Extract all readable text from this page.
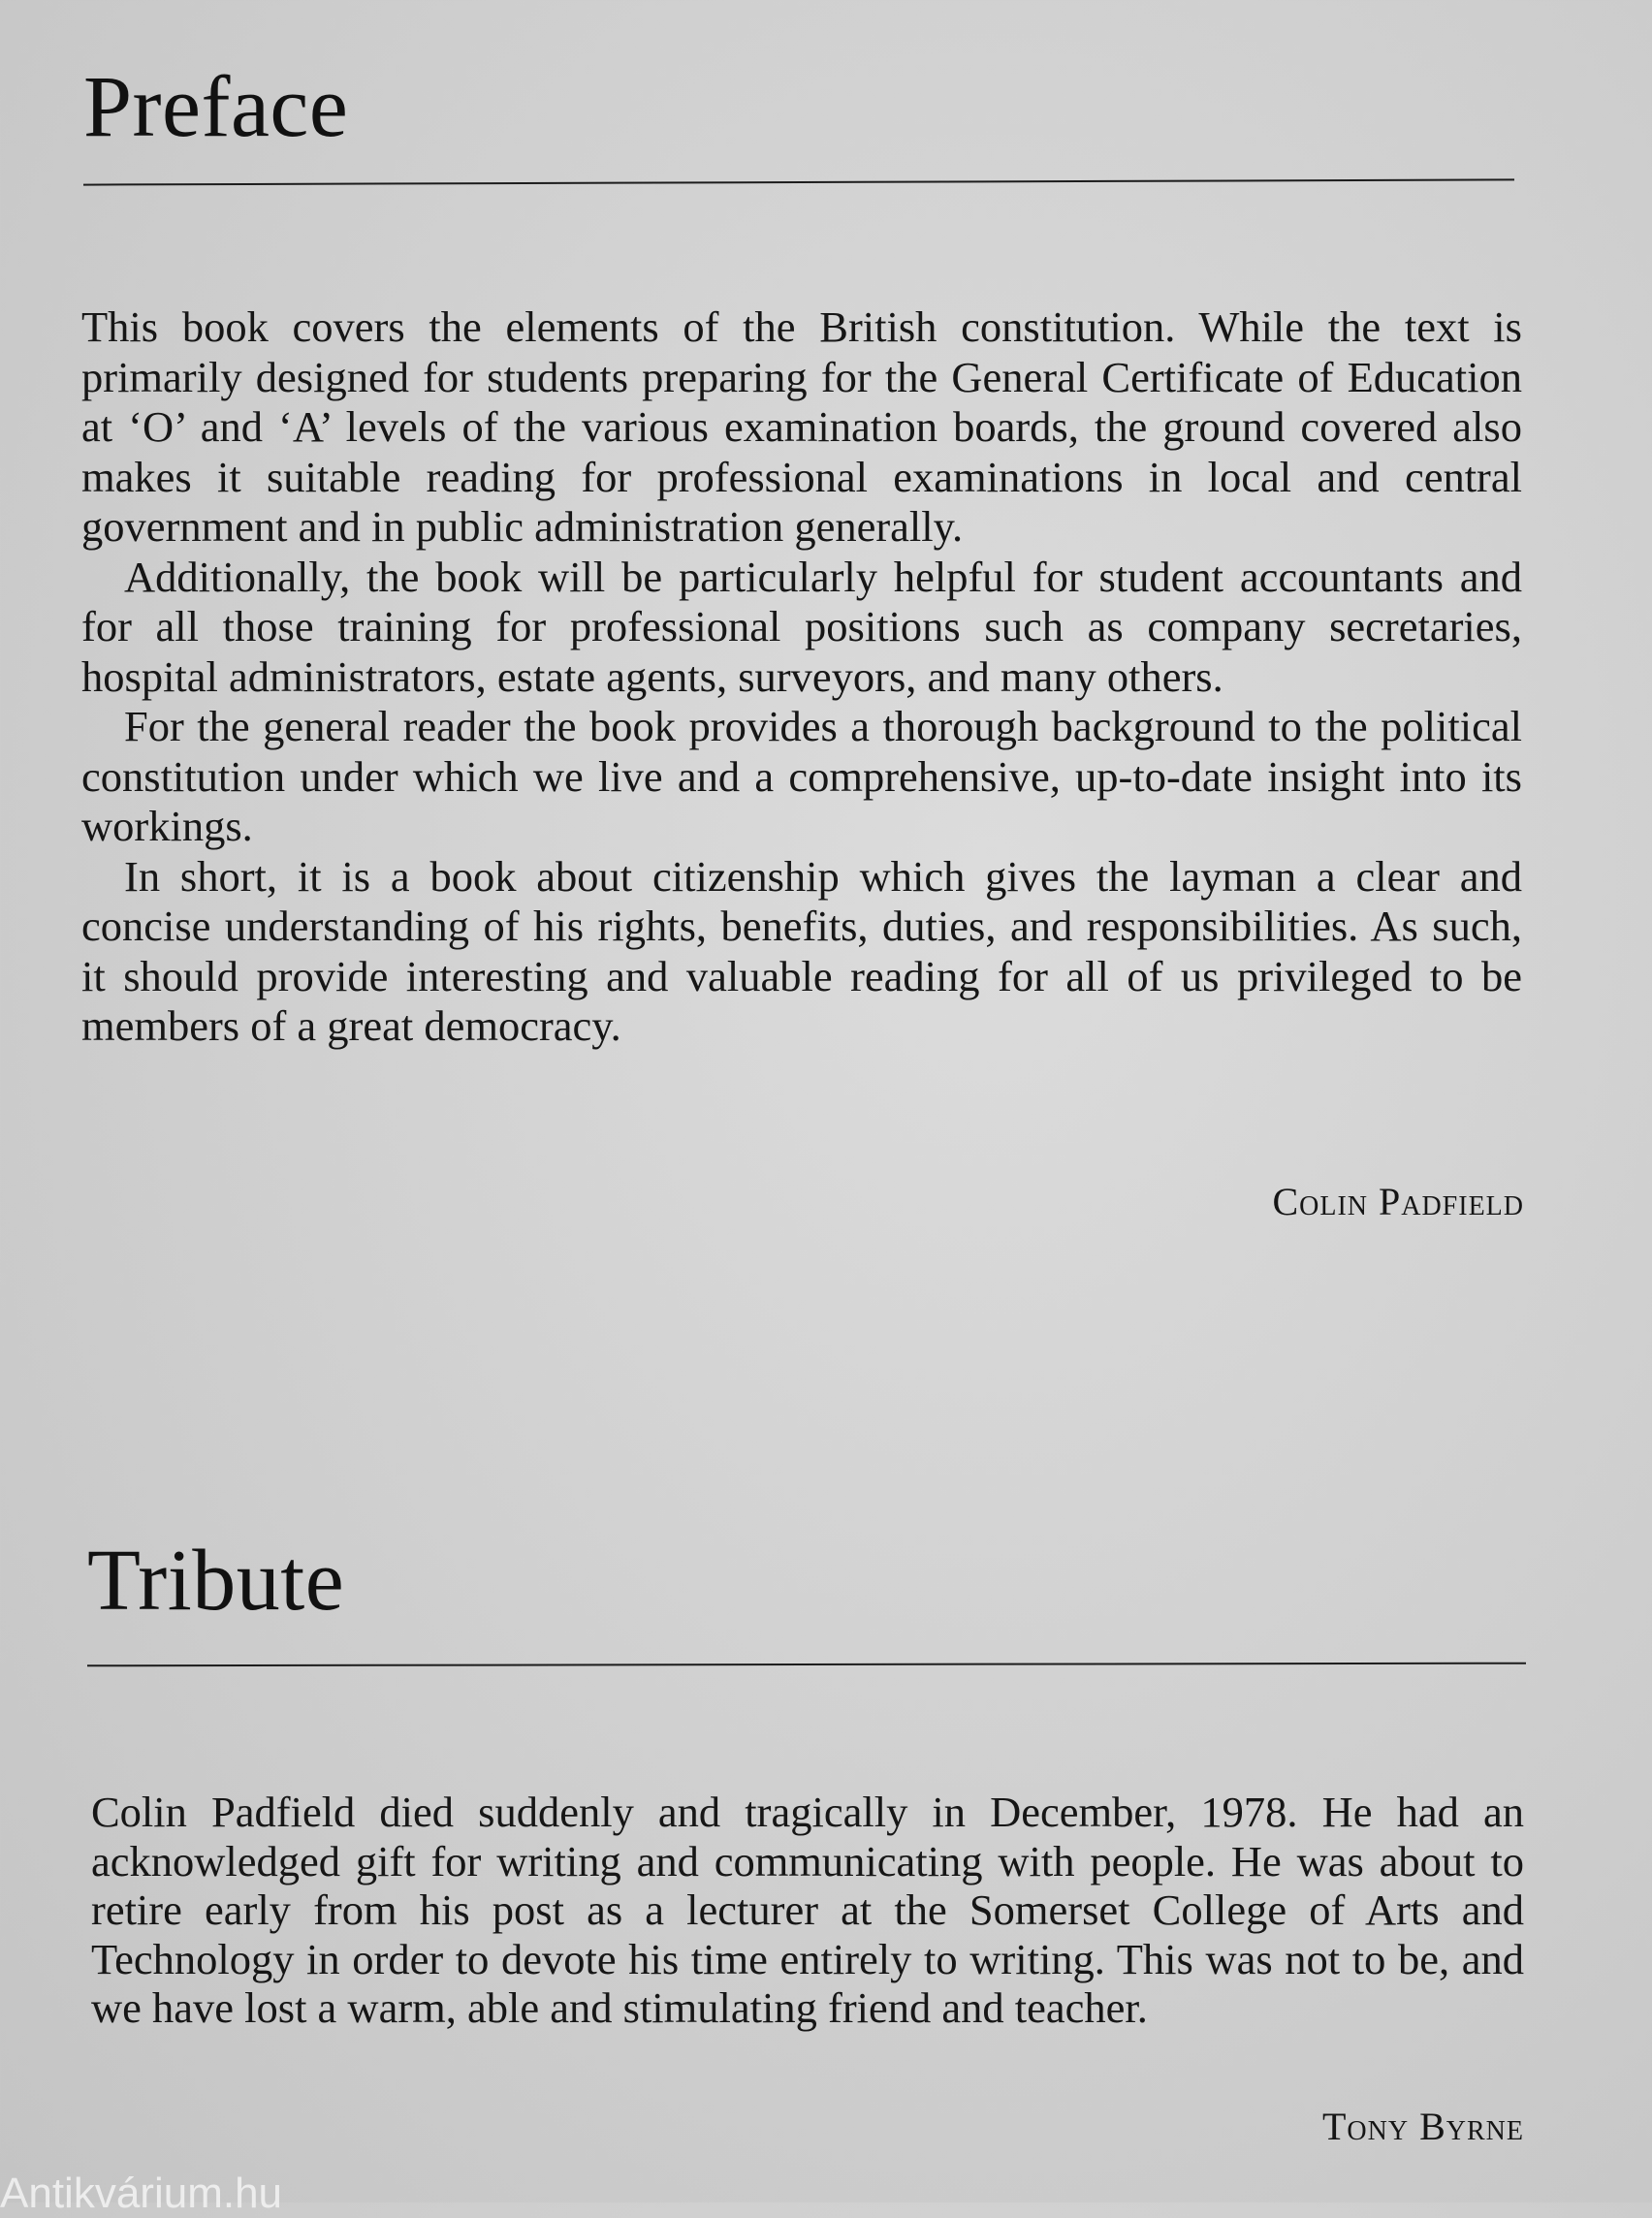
Preface

This book covers the elements of the British constitution. While the text is primarily designed for students preparing for the General Certificate of Education at ‘O’ and ‘A’ levels of the various examination boards, the ground covered also makes it suitable reading for professional examinations in local and central government and in public administration generally.

Additionally, the book will be particularly helpful for student accountants and for all those training for professional positions such as company secretaries, hospital administrators, estate agents, surveyors, and many others.

For the general reader the book provides a thorough background to the political constitution under which we live and a comprehensive, up-to-date insight into its workings.

In short, it is a book about citizenship which gives the layman a clear and concise understanding of his rights, benefits, duties, and responsibilities. As such, it should provide interesting and valuable reading for all of us privileged to be members of a great democracy.

Colin Padfield
Tribute

Colin Padfield died suddenly and tragically in December, 1978. He had an acknowledged gift for writing and communicating with people. He was about to retire early from his post as a lecturer at the Somerset College of Arts and Technology in order to devote his time entirely to writing. This was not to be, and we have lost a warm, able and stimulating friend and teacher.

Tony Byrne
Antikvárium.hu
